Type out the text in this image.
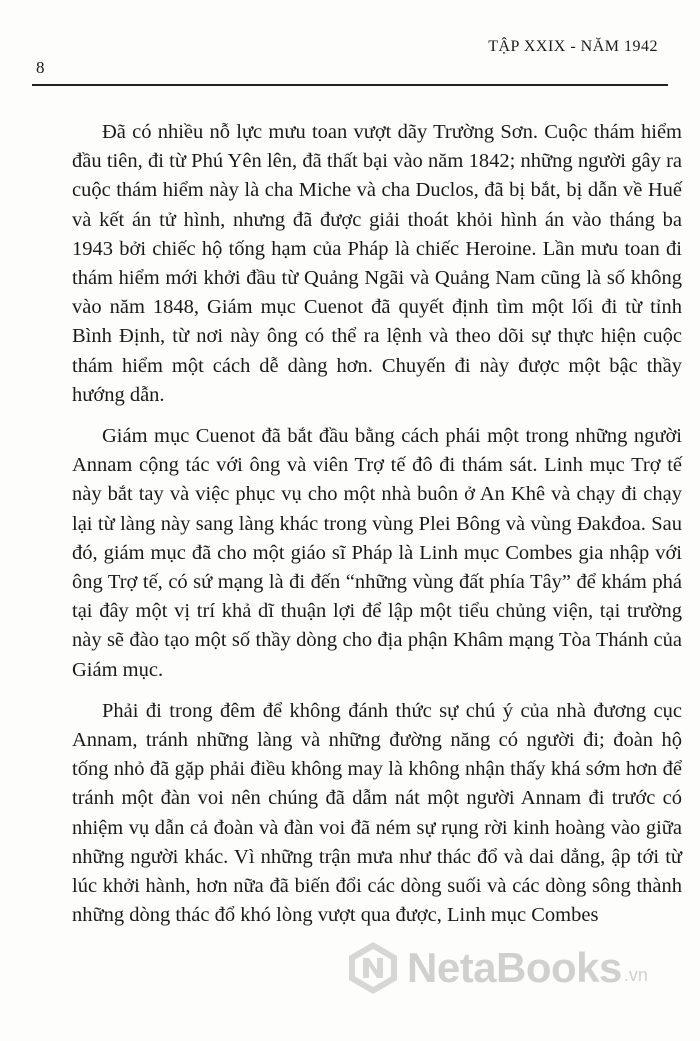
8
TẬP XXIX - NĂM 1942

Đã có nhiều nỗ lực mưu toan vượt dãy Trường Sơn. Cuộc thám hiểm đầu tiên, đi từ Phú Yên lên, đã thất bại vào năm 1842; những người gây ra cuộc thám hiểm này là cha Miche và cha Duclos, đã bị bắt, bị dẫn về Huế và kết án tử hình, nhưng đã được giải thoát khỏi hình án vào tháng ba 1943 bởi chiếc hộ tống hạm của Pháp là chiếc Heroine. Lần mưu toan đi thám hiểm mới khởi đầu từ Quảng Ngãi và Quảng Nam cũng là số không vào năm 1848, Giám mục Cuenot đã quyết định tìm một lối đi từ tỉnh Bình Định, từ nơi này ông có thể ra lệnh và theo dõi sự thực hiện cuộc thám hiểm một cách dễ dàng hơn. Chuyến đi này được một bậc thầy hướng dẫn.

Giám mục Cuenot đã bắt đầu bằng cách phái một trong những người Annam cộng tác với ông và viên Trợ tế đô đi thám sát. Linh mục Trợ tế này bắt tay và việc phục vụ cho một nhà buôn ở An Khê và chạy đi chạy lại từ làng này sang làng khác trong vùng Plei Bông và vùng Đakđoa. Sau đó, giám mục đã cho một giáo sĩ Pháp là Linh mục Combes gia nhập với ông Trợ tế, có sứ mạng là đi đến “những vùng đất phía Tây” để khám phá tại đây một vị trí khả dĩ thuận lợi để lập một tiểu chủng viện, tại trường này sẽ đào tạo một số thầy dòng cho địa phận Khâm mạng Tòa Thánh của Giám mục.

Phải đi trong đêm để không đánh thức sự chú ý của nhà đương cục Annam, tránh những làng và những đường năng có người đi; đoàn hộ tống nhỏ đã gặp phải điều không may là không nhận thấy khá sớm hơn để tránh một đàn voi nên chúng đã dẫm nát một người Annam đi trước có nhiệm vụ dẫn cả đoàn và đàn voi đã ném sự rụng rời kinh hoàng vào giữa những người khác. Vì những trận mưa như thác đổ và dai dẳng, ập tới từ lúc khởi hành, hơn nữa đã biến đổi các dòng suối và các dòng sông thành những dòng thác đổ khó lòng vượt qua được, Linh mục Combes

NetaBooks .vn
